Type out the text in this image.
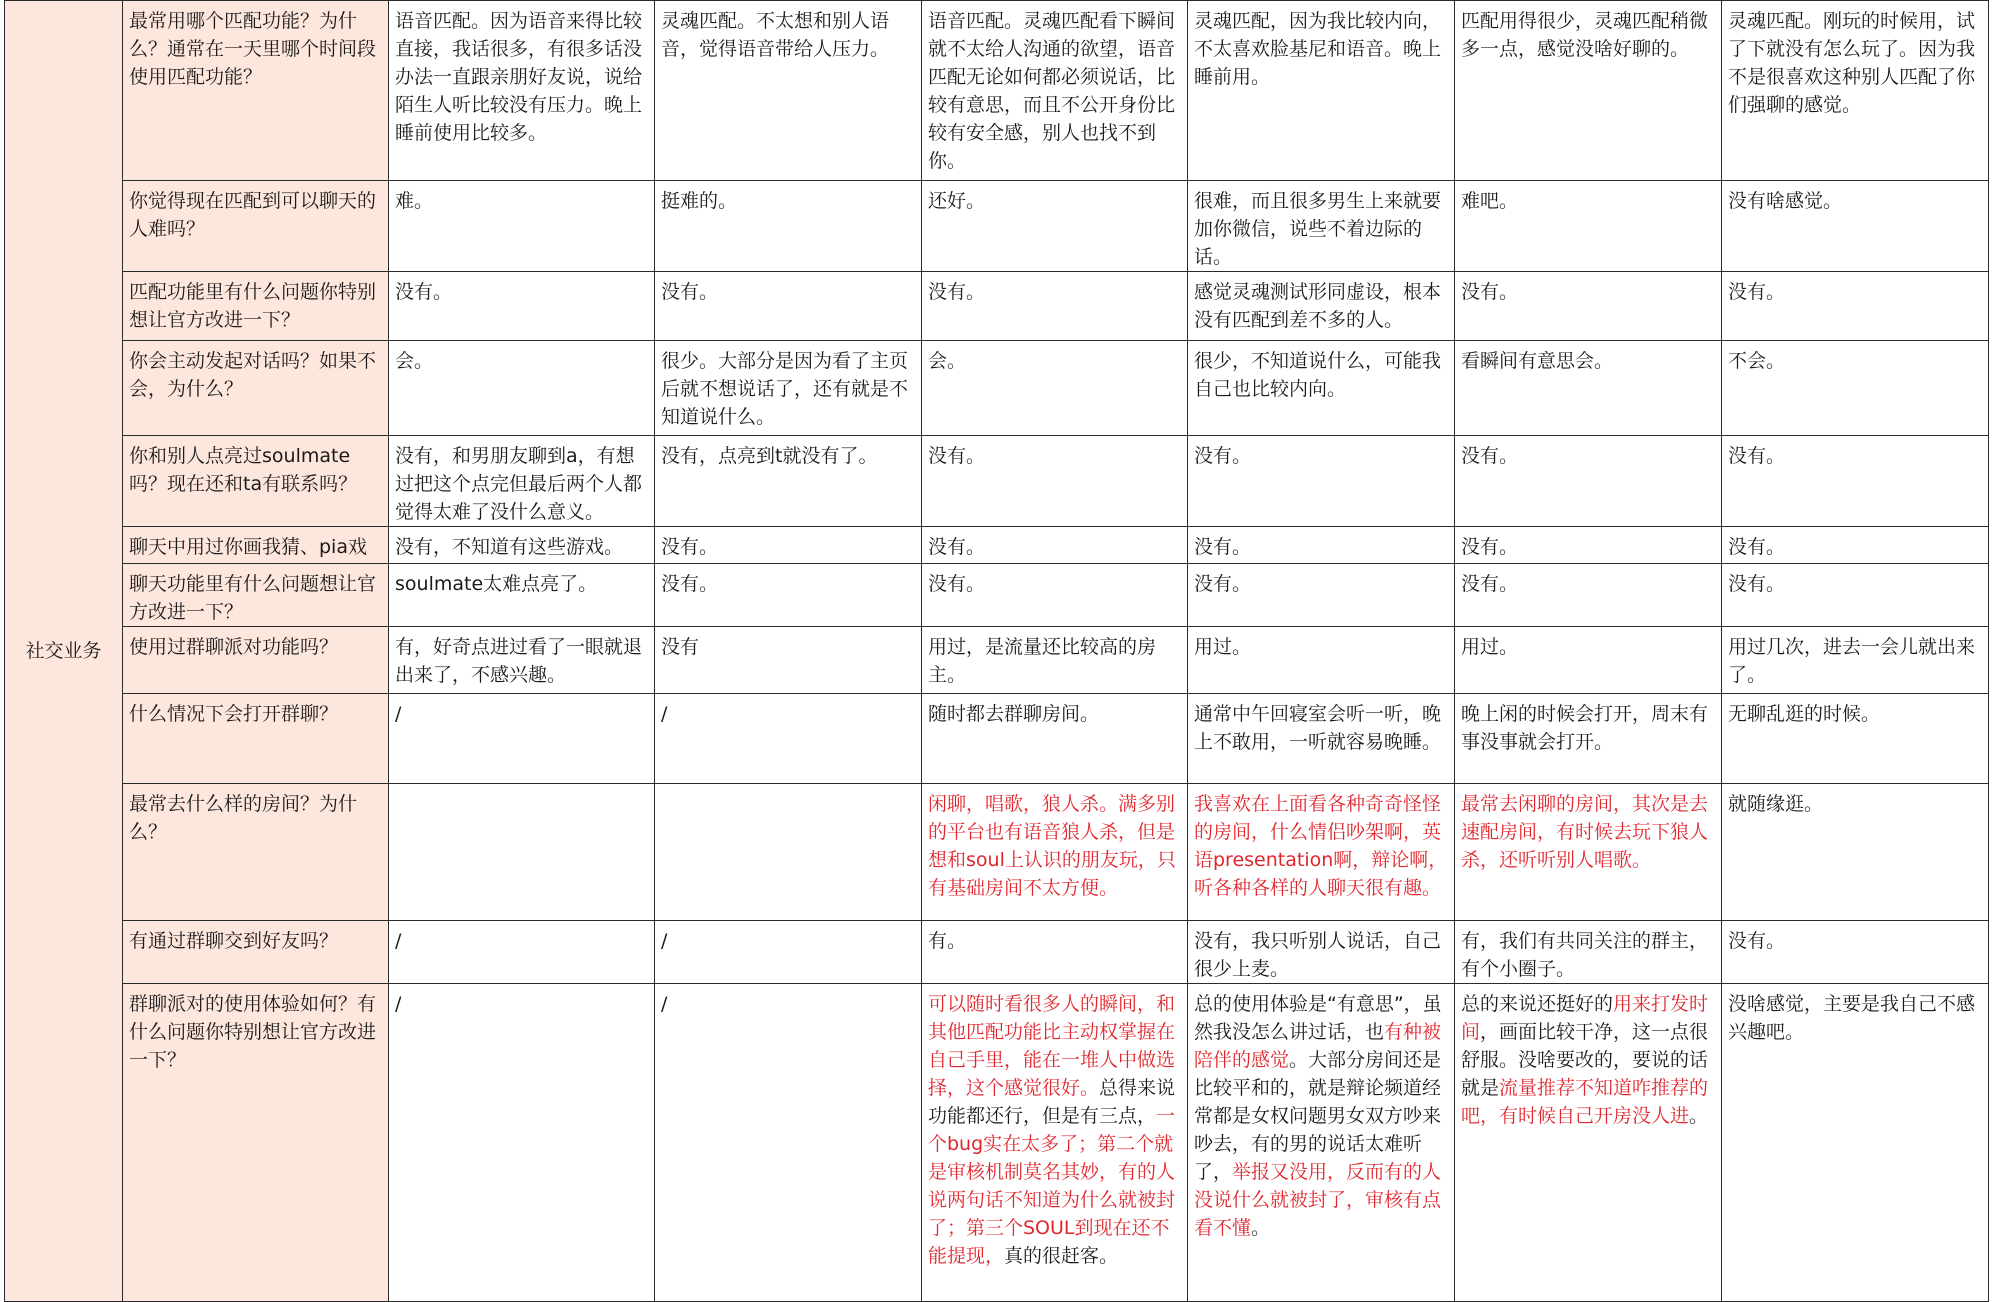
社交业务	最常用哪个匹配功能？为什么？通常在一天里哪个时间段使用匹配功能？	语音匹配。因为语音来得比较直接，我话很多，有很多话没办法一直跟亲朋好友说，说给陌生人听比较没有压力。晚上睡前使用比较多。	灵魂匹配。不太想和别人语音，觉得语音带给人压力。	语音匹配。灵魂匹配看下瞬间就不太给人沟通的欲望，语音匹配无论如何都必须说话，比较有意思，而且不公开身份比较有安全感，别人也找不到你。	灵魂匹配，因为我比较内向，不太喜欢脸基尼和语音。晚上睡前用。	匹配用得很少，灵魂匹配稍微多一点，感觉没啥好聊的。	灵魂匹配。刚玩的时候用，试了下就没有怎么玩了。因为我不是很喜欢这种别人匹配了你们强聊的感觉。
	你觉得现在匹配到可以聊天的人难吗？	难。	挺难的。	还好。	很难，而且很多男生上来就要加你微信，说些不着边际的话。	难吧。	没有啥感觉。
	匹配功能里有什么问题你特别想让官方改进一下？	没有。	没有。	没有。	感觉灵魂测试形同虚设，根本没有匹配到差不多的人。	没有。	没有。
	你会主动发起对话吗？如果不会，为什么？	会。	很少。大部分是因为看了主页后就不想说话了，还有就是不知道说什么。	会。	很少，不知道说什么，可能我自己也比较内向。	看瞬间有意思会。	不会。
	你和别人点亮过soulmate吗？现在还和ta有联系吗？	没有，和男朋友聊到a，有想过把这个点完但最后两个人都觉得太难了没什么意义。	没有，点亮到t就没有了。	没有。	没有。	没有。	没有。
	聊天中用过你画我猜、pia戏	没有，不知道有这些游戏。	没有。	没有。	没有。	没有。	没有。
	聊天功能里有什么问题想让官方改进一下？	soulmate太难点亮了。	没有。	没有。	没有。	没有。	没有。
	使用过群聊派对功能吗？	有，好奇点进过看了一眼就退出来了，不感兴趣。	没有	用过，是流量还比较高的房主。	用过。	用过。	用过几次，进去一会儿就出来了。
	什么情况下会打开群聊？	/	/	随时都去群聊房间。	通常中午回寝室会听一听，晚上不敢用，一听就容易晚睡。	晚上闲的时候会打开，周末有事没事就会打开。	无聊乱逛的时候。
	最常去什么样的房间？为什么？			闲聊，唱歌，狼人杀。满多别的平台也有语音狼人杀，但是想和soul上认识的朋友玩，只有基础房间不太方便。	我喜欢在上面看各种奇奇怪怪的房间，什么情侣吵架啊，英语presentation啊，辩论啊，听各种各样的人聊天很有趣。	最常去闲聊的房间，其次是去速配房间，有时候去玩下狼人杀，还听听别人唱歌。	就随缘逛。
	有通过群聊交到好友吗？	/	/	有。	没有，我只听别人说话，自己很少上麦。	有，我们有共同关注的群主，有个小圈子。	没有。
	群聊派对的使用体验如何？有什么问题你特别想让官方改进一下？	/	/	可以随时看很多人的瞬间，和其他匹配功能比主动权掌握在自己手里，能在一堆人中做选择，这个感觉很好。总得来说功能都还行，但是有三点，一个bug实在太多了；第二个就是审核机制莫名其妙，有的人说两句话不知道为什么就被封了；第三个SOUL到现在还不能提现，真的很赶客。	总的使用体验是“有意思”，虽然我没怎么讲过话，也有种被陪伴的感觉。大部分房间还是比较平和的，就是辩论频道经常都是女权问题男女双方吵来吵去，有的男的说话太难听了，举报又没用，反而有的人没说什么就被封了，审核有点看不懂。	总的来说还挺好的用来打发时间，画面比较干净，这一点很舒服。没啥要改的，要说的话就是流量推荐不知道咋推荐的吧，有时候自己开房没人进。	没啥感觉，主要是我自己不感兴趣吧。
